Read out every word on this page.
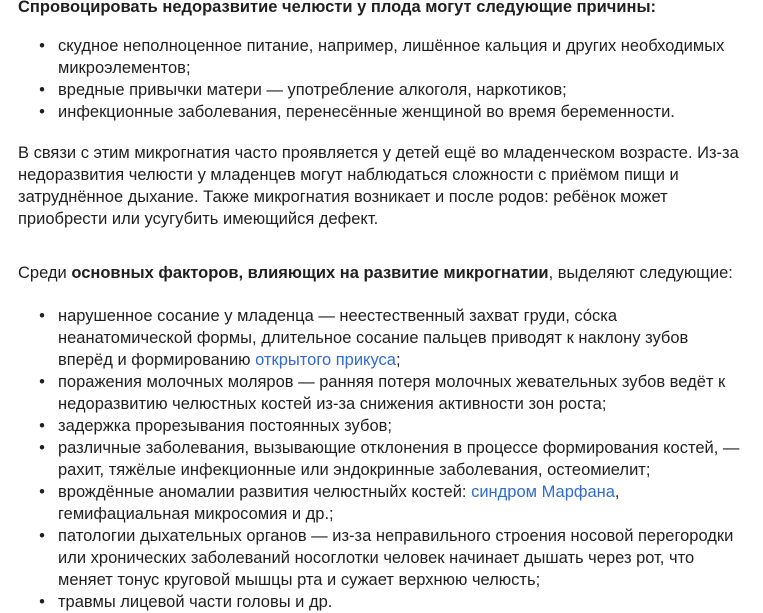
Спровоцировать недоразвитие челюсти у плода могут следующие причины:

• скудное неполноценное питание, например, лишённое кальция и других необходимых микроэлементов;
• вредные привычки матери — употребление алкоголя, наркотиков;
• инфекционные заболевания, перенесённые женщиной во время беременности.

В связи с этим микрогнатия часто проявляется у детей ещё во младенческом возрасте. Из-за недоразвития челюсти у младенцев могут наблюдаться сложности с приёмом пищи и затруднённое дыхание. Также микрогнатия возникает и после родов: ребёнок может приобрести или усугубить имеющийся дефект.

Среди основных факторов, влияющих на развитие микрогнатии, выделяют следующие:

• нарушенное сосание у младенца — неестественный захват груди, со́ска неанатомической формы, длительное сосание пальцев приводят к наклону зубов вперёд и формированию открытого прикуса;
• поражения молочных моляров — ранняя потеря молочных жевательных зубов ведёт к недоразвитию челюстных костей из-за снижения активности зон роста;
• задержка прорезывания постоянных зубов;
• различные заболевания, вызывающие отклонения в процессе формирования костей, — рахит, тяжёлые инфекционные или эндокринные заболевания, остеомиелит;
• врождённые аномалии развития челюстныйх костей: синдром Марфана, гемифациальная микросомия и др.;
• патологии дыхательных органов — из-за неправильного строения носовой перегородки или хронических заболеваний носоглотки человек начинает дышать через рот, что меняет тонус круговой мышцы рта и сужает верхнюю челюсть;
• травмы лицевой части головы и др.
